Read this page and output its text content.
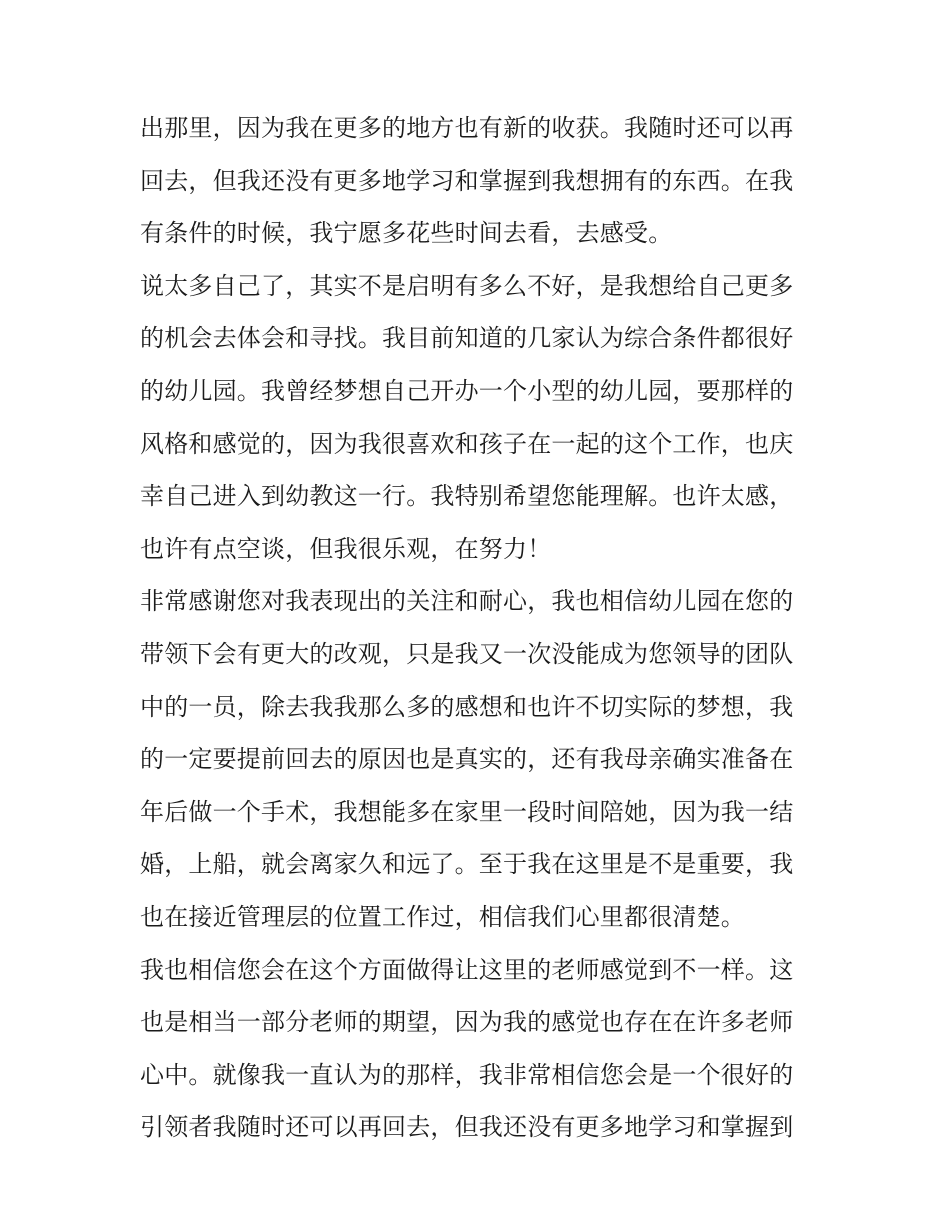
出那里，因为我在更多的地方也有新的收获。我随时还可以再
回去，但我还没有更多地学习和掌握到我想拥有的东西。在我
有条件的时候，我宁愿多花些时间去看，去感受。
说太多自己了，其实不是启明有多么不好，是我想给自己更多
的机会去体会和寻找。我目前知道的几家认为综合条件都很好
的幼儿园。我曾经梦想自己开办一个小型的幼儿园，要那样的
风格和感觉的，因为我很喜欢和孩子在一起的这个工作，也庆
幸自己进入到幼教这一行。我特别希望您能理解。也许太感，
也许有点空谈，但我很乐观，在努力！
非常感谢您对我表现出的关注和耐心，我也相信幼儿园在您的
带领下会有更大的改观，只是我又一次没能成为您领导的团队
中的一员，除去我我那么多的感想和也许不切实际的梦想，我
的一定要提前回去的原因也是真实的，还有我母亲确实准备在
年后做一个手术，我想能多在家里一段时间陪她，因为我一结
婚，上船，就会离家久和远了。至于我在这里是不是重要，我
也在接近管理层的位置工作过，相信我们心里都很清楚。
我也相信您会在这个方面做得让这里的老师感觉到不一样。这
也是相当一部分老师的期望，因为我的感觉也存在在许多老师
心中。就像我一直认为的那样，我非常相信您会是一个很好的
引领者我随时还可以再回去，但我还没有更多地学习和掌握到
